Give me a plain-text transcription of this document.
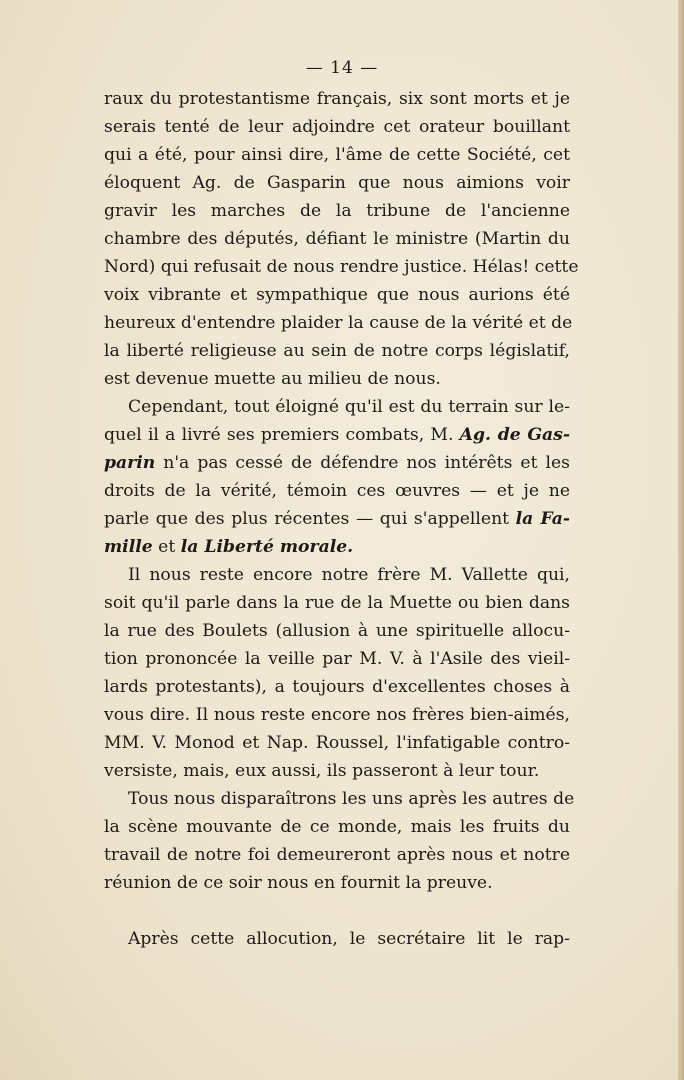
— 14 —
raux du protestantisme français, six sont morts et je
serais tenté de leur adjoindre cet orateur bouillant
qui a été, pour ainsi dire, l'âme de cette Société, cet
éloquent Ag. de Gasparin que nous aimions voir
gravir les marches de la tribune de l'ancienne
chambre des députés, défiant le ministre (Martin du
Nord) qui refusait de nous rendre justice. Hélas! cette
voix vibrante et sympathique que nous aurions été
heureux d'entendre plaider la cause de la vérité et de
la liberté religieuse au sein de notre corps législatif,
est devenue muette au milieu de nous.
Cependant, tout éloigné qu'il est du terrain sur le-
quel il a livré ses premiers combats, M. Ag. de Gas-
parin n'a pas cessé de défendre nos intérêts et les
droits de la vérité, témoin ces œuvres — et je ne
parle que des plus récentes — qui s'appellent la Fa-
mille et la Liberté morale.
Il nous reste encore notre frère M. Vallette qui,
soit qu'il parle dans la rue de la Muette ou bien dans
la rue des Boulets (allusion à une spirituelle allocu-
tion prononcée la veille par M. V. à l'Asile des vieil-
lards protestants), a toujours d'excellentes choses à
vous dire. Il nous reste encore nos frères bien-aimés,
MM. V. Monod et Nap. Roussel, l'infatigable contro-
versiste, mais, eux aussi, ils passeront à leur tour.
Tous nous disparaîtrons les uns après les autres de
la scène mouvante de ce monde, mais les fruits du
travail de notre foi demeureront après nous et notre
réunion de ce soir nous en fournit la preuve.
Après cette allocution, le secrétaire lit le rap-
